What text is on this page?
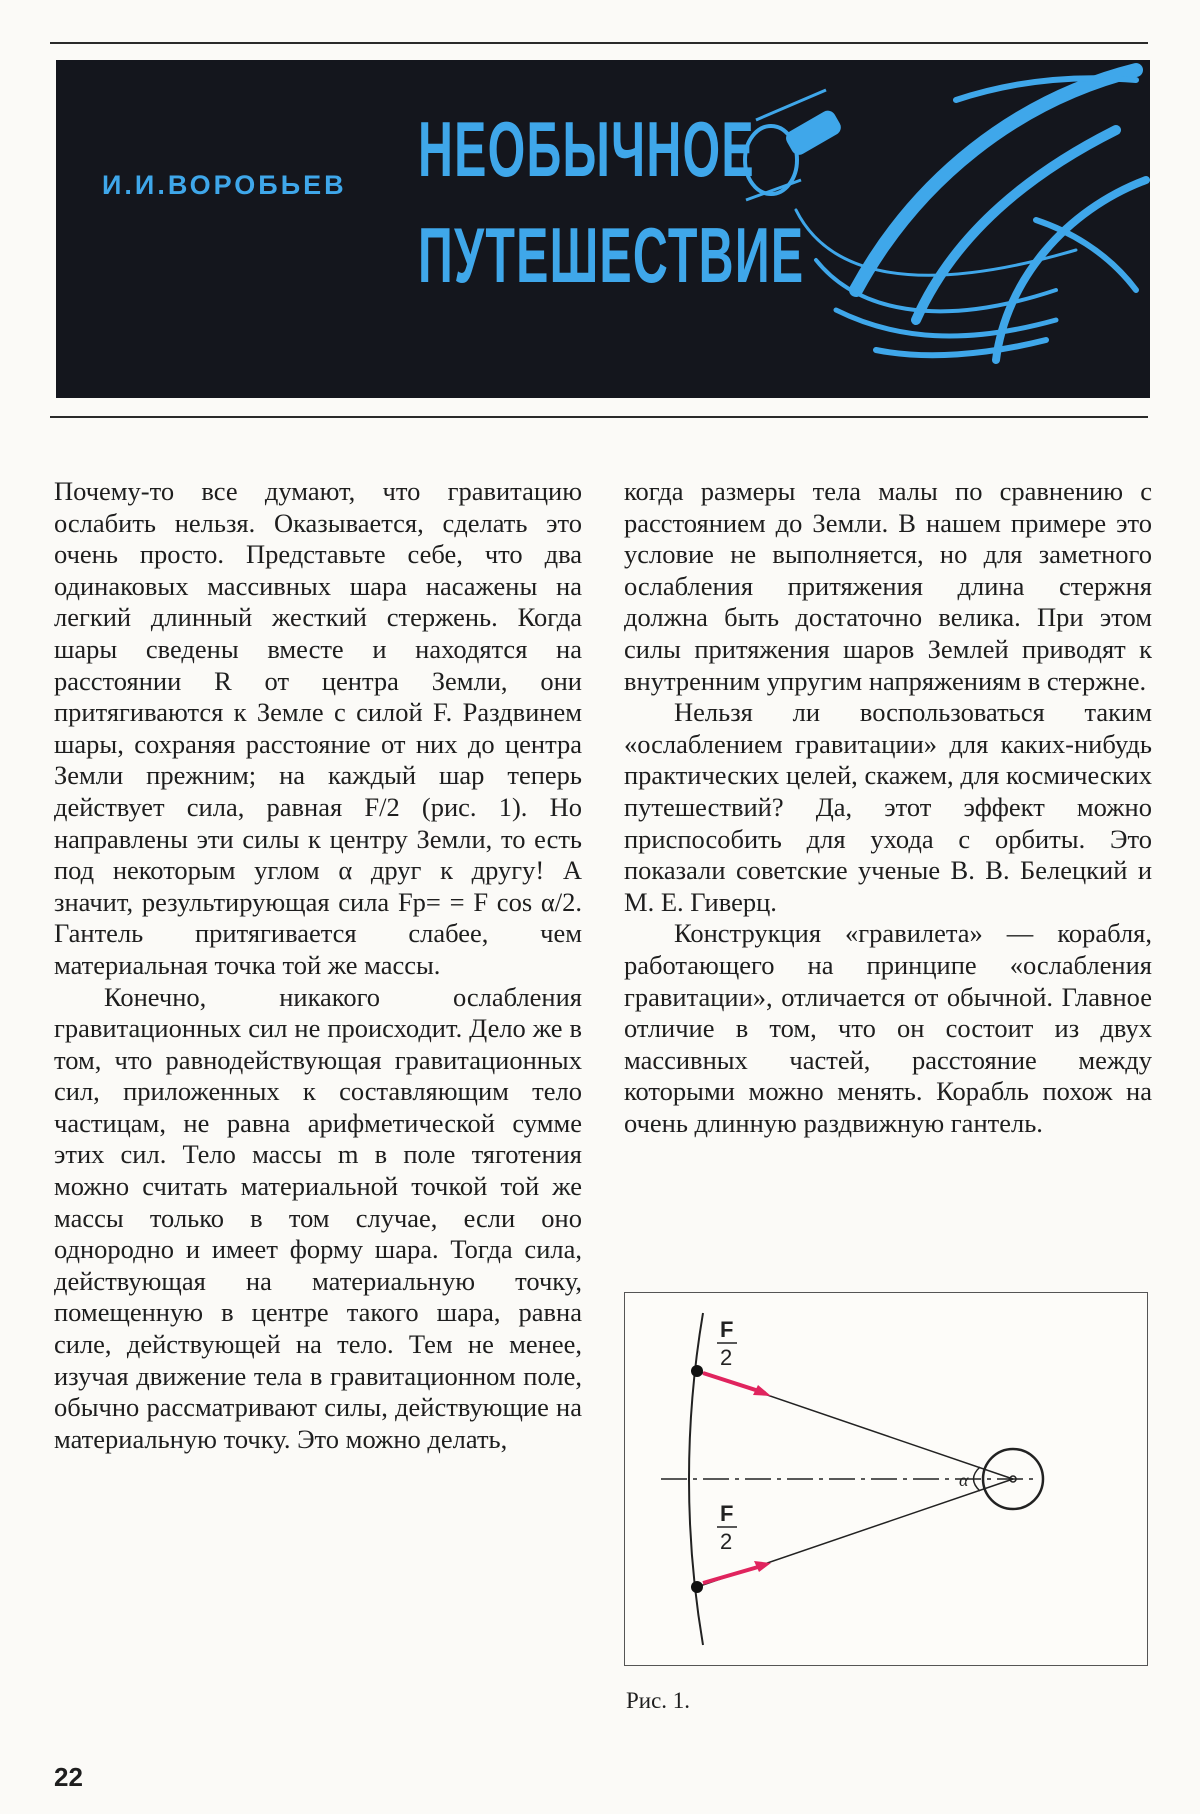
И.И.ВОРОБЬЕВ НЕОБЫЧНОЕ
ПУТЕШЕСТВИЕ

Почему-то все думают, что гравитацию ослабить нельзя. Оказывается, сделать это очень просто. Представьте себе, что два одинаковых массивных шара насажены на легкий длинный жесткий стержень. Когда шары сведены вместе и находятся на расстоянии R от центра Земли, они притягиваются к Земле с силой F. Раздвинем шары, сохраняя расстояние от них до центра Земли прежним; на каждый шар теперь действует сила, равная F/2 (рис. 1). Но направлены эти силы к центру Земли, то есть под некоторым углом α друг к другу! А значит, результирующая сила Fр= = F cos α/2. Гантель притягивается слабее, чем материальная точка той же массы.

Конечно, никакого ослабления гравитационных сил не происходит. Дело же в том, что равнодействующая гравитационных сил, приложенных к составляющим тело частицам, не равна арифметической сумме этих сил. Тело массы m в поле тяготения можно считать материальной точкой той же массы только в том случае, если оно однородно и имеет форму шара. Тогда сила, действующая на материальную точку, помещенную в центре такого шара, равна силе, действующей на тело. Тем не менее, изучая движение тела в гравитационном поле, обычно рассматривают силы, действующие на материальную точку. Это можно делать,

когда размеры тела малы по сравнению с расстоянием до Земли. В нашем примере это условие не выполняется, но для заметного ослабления притяжения длина стержня должна быть достаточно велика. При этом силы притяжения шаров Землей приводят к внутренним упругим напряжениям в стержне.

Нельзя ли воспользоваться таким «ослаблением гравитации» для каких-нибудь практических целей, скажем, для космических путешествий? Да, этот эффект можно приспособить для ухода с орбиты. Это показали советские ученые В. В. Белецкий и М. Е. Гиверц.

Конструкция «гравилета» — корабля, работающего на принципе «ослабления гравитации», отличается от обычной. Главное отличие в том, что он состоит из двух массивных частей, расстояние между которыми можно менять. Корабль похож на очень длинную раздвижную гантель.

α
F
2
F
2
Рис. 1.
22
